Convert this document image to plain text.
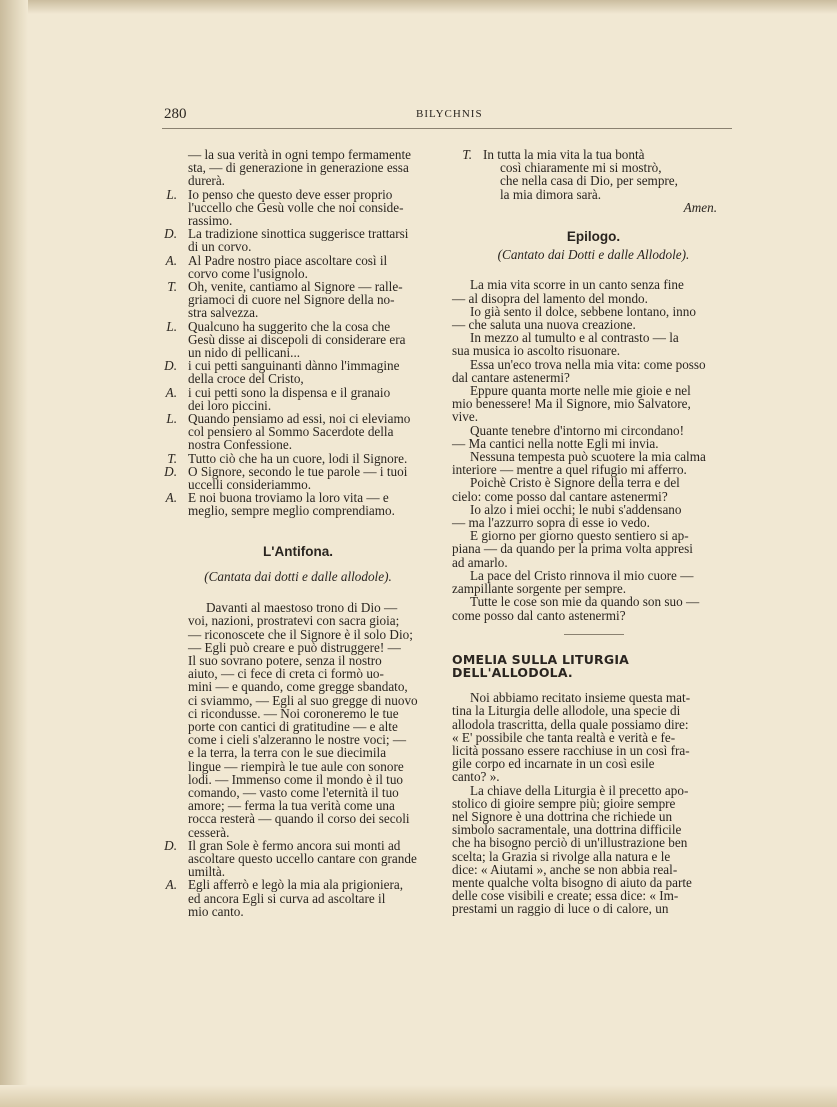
280	BILYCHNIS
— la sua verità in ogni tempo fermamente
sta, — di generazione in generazione essa
durerà.
L. Io penso che questo deve esser proprio
l'uccello che Gesù volle che noi conside-
rassimo.
D. La tradizione sinottica suggerisce trattarsi
di un corvo.
A. Al Padre nostro piace ascoltare così il
corvo come l'usignolo.
T. Oh, venite, cantiamo al Signore — ralle-
griamoci di cuore nel Signore della no-
stra salvezza.
L. Qualcuno ha suggerito che la cosa che
Gesù disse ai discepoli di considerare era
un nido di pellicani...
D. i cui petti sanguinanti dànno l'immagine
della croce del Cristo,
A. i cui petti sono la dispensa e il granaio
dei loro piccini.
L. Quando pensiamo ad essi, noi ci eleviamo
col pensiero al Sommo Sacerdote della
nostra Confessione.
T. Tutto ciò che ha un cuore, lodi il Signore.
D. O Signore, secondo le tue parole — i tuoi
uccelli consideriammo.
A. E noi buona troviamo la loro vita — e
meglio, sempre meglio comprendiamo.
L'Antifona.
(Cantata dai dotti e dalle allodole).
Davanti al maestoso trono di Dio —
voi, nazioni, prostratevi con sacra gioia;
— riconoscete che il Signore è il solo Dio;
— Egli può creare e può distruggere! —
Il suo sovrano potere, senza il nostro
aiuto, — ci fece di creta ci formò uo-
mini — e quando, come gregge sbandato,
ci sviammo, — Egli al suo gregge di nuovo
ci ricondusse. — Noi coroneremo le tue
porte con cantici di gratitudine — e alte
come i cieli s'alzeranno le nostre voci; —
e la terra, la terra con le sue diecimila
lingue — riempirà le tue aule con sonore
lodi. — Immenso come il mondo è il tuo
comando, — vasto come l'eternità il tuo
amore; — ferma la tua verità come una
rocca resterà — quando il corso dei secoli
cesserà.
D. Il gran Sole è fermo ancora sui monti ad
ascoltare questo uccello cantare con grande
umiltà.
A. Egli afferrò e legò la mia ala prigioniera,
ed ancora Egli si curva ad ascoltare il
mio canto.
T. In tutta la mia vita la tua bontà
così chiaramente mi si mostrò,
che nella casa di Dio, per sempre,
la mia dimora sarà.
Amen.
Epilogo.
(Cantato dai Dotti e dalle Allodole).
La mia vita scorre in un canto senza fine
— al disopra del lamento del mondo.
Io già sento il dolce, sebbene lontano, inno
— che saluta una nuova creazione.
In mezzo al tumulto e al contrasto — la
sua musica io ascolto risuonare.
Essa un'eco trova nella mia vita: come posso
dal cantare astenermi?
Eppure quanta morte nelle mie gioie e nel
mio benessere! Ma il Signore, mio Salvatore,
vive.
Quante tenebre d'intorno mi circondano!
— Ma cantici nella notte Egli mi invia.
Nessuna tempesta può scuotere la mia calma
interiore — mentre a quel rifugio mi afferro.
Poichè Cristo è Signore della terra e del
cielo: come posso dal cantare astenermi?
Io alzo i miei occhi; le nubi s'addensano
— ma l'azzurro sopra di esse io vedo.
E giorno per giorno questo sentiero si ap-
piana — da quando per la prima volta appresi
ad amarlo.
La pace del Cristo rinnova il mio cuore —
zampillante sorgente per sempre.
Tutte le cose son mie da quando son suo —
come posso dal canto astenermi?
OMELIA SULLA LITURGIA DELL'ALLODOLA.
Noi abbiamo recitato insieme questa mat-
tina la Liturgia delle allodole, una specie di
allodola trascritta, della quale possiamo dire:
« E' possibile che tanta realtà e verità e fe-
licità possano essere racchiuse in un così fra-
gile corpo ed incarnate in un così esile
canto? ».
La chiave della Liturgia è il precetto apo-
stolico di gioire sempre più; gioire sempre
nel Signore è una dottrina che richiede un
simbolo sacramentale, una dottrina difficile
che ha bisogno perciò di un'illustrazione ben
scelta; la Grazia si rivolge alla natura e le
dice: « Aiutami », anche se non abbia real-
mente qualche volta bisogno di aiuto da parte
delle cose visibili e create; essa dice: « Im-
prestami un raggio di luce o di calore, un
